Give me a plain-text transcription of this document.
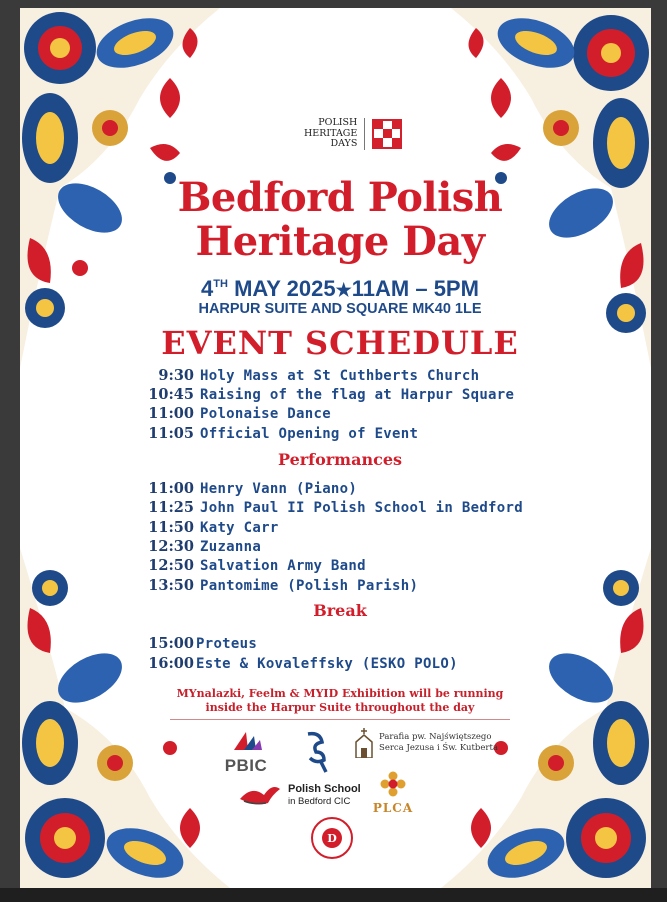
POLISH
HERITAGE
DAYS
Bedford Polish
Heritage Day
4TH MAY 2025★11AM – 5PM
HARPUR SUITE AND SQUARE MK40 1LE
EVENT SCHEDULE
9:30 Holy Mass at St Cuthberts Church
10:45 Raising of the flag at Harpur Square
11:00 Polonaise Dance
11:05 Official Opening of Event
Performances
11:00 Henry Vann (Piano)
11:25 John Paul II Polish School in Bedford
11:50 Katy Carr
12:30 Zuzanna
12:50 Salvation Army Band
13:50 Pantomime (Polish Parish)
Break
15:00 Proteus
16:00 Este & Kovaleffsky (ESKO POLO)
MYnalazki, Feelm & MYID Exhibition will be running
inside the Harpur Suite throughout the day
PBIC
Parafia pw. Najświętszego
Serca Jezusa i Św. Kutberta
Polish School
in Bedford CIC	PLCA
D
